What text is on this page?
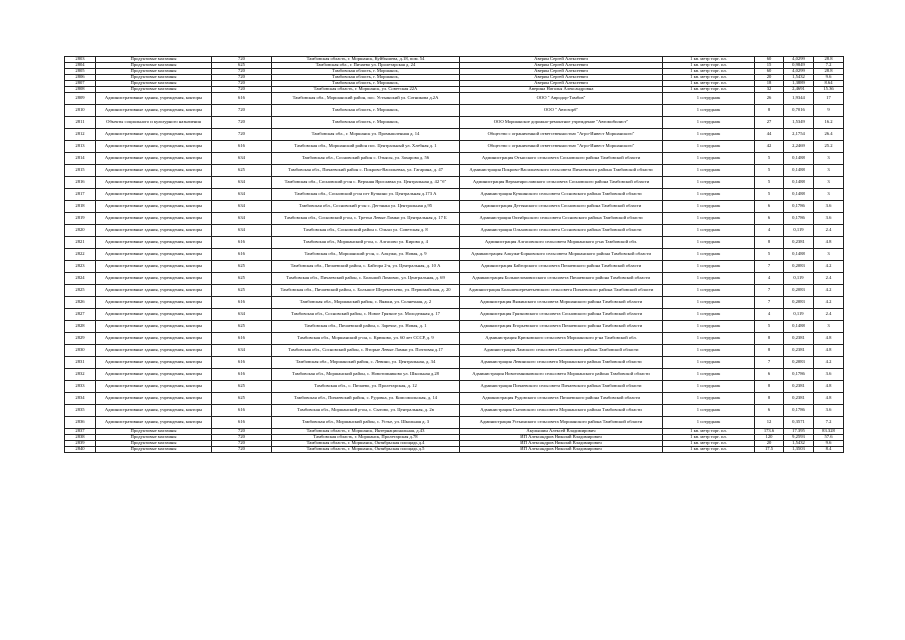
2803	Продуктовые магазины	720	Тамбовская область, г. Моршанск, Куйбышева, д.18, пом. 54	Аверин Сергей Алексеевич	1 кв. метр торг. пл.	60	4,0299	28.8
2804	Продуктовые магазины	625	Тамбовская обл., г. Пичаево ул. Пролетарская д. 24	Аверин Сергей Алексеевич	1 кв. метр торг. пл.	15	0,9849	7.2
2805	Продуктовые магазины	720	Тамбовская область, г. Моршанск,	Аверин Сергей Алексеевич	1 кв. метр торг. пл.	60	4,0299	28.8
2806	Продуктовые магазины	720	Тамбовская область, г. Моршанск,	Аверин Сергей Алексеевич	1 кв. метр торг. пл.	20	1,5432	9.6
2807	Продуктовые магазины	720	Тамбовская область, г. Моршанск,	Аверин Сергей Алексеевич	1 кв. метр торг. пл.	18	1,3889	8.64
2808	Продуктовые магазины	720	Тамбовская область, г. Моршанск, ул. Советская 22А	Аверина Наталья Александровна	1 кв. метр торг. пл.	32	2,4691	15.36
2809	Административные здания, учреждения, конторы	616	Тамбовская обл., Моршанский район, пос. Устьинский ул. Сотникова д.2А	ООО " Авродор-Тамбов"	1 сотрудник	26	1,9344	17
2810	Административные здания, учреждения, конторы	720	Тамбовская область, г. Моршанск,	ООО " Автозорб"	1 сотрудник	8	0,7016	9
2811	Объекты социального и культурного назначения	720	Тамбовская область, г. Моршанск,	ООО Моршанское дорожно-ремонтное учреждение "Автомобилист"	1 сотрудник	27	1,5349	16.2
2812	Административные здания, учреждения, конторы	720	Тамбовская обл., г. Моршанск ул. Промышленная д. 14	Общество с ограниченной ответственностью "Агро-Инвест Моршанского"	1 сотрудник	44	2,1754	26.4
2813	Административные здания, учреждения, конторы	616	Тамбовская обл., Моршанский район пос. Центральный ул. Хлебная д. 1	Общество с ограниченной ответственностью "Агро-Инвест Моршанского"	1 сотрудник	42	2,2469	25.2
2814	Административные здания, учреждения, конторы	634	Тамбовская обл., Сосновский район с. Отьясы, ул. Захарова д. 56	Администрация Отьясского сельсовета Сосновского района Тамбовской области	1 сотрудник	5	0,1488	3
2815	Административные здания, учреждения, конторы	625	Тамбовская обл., Пичаевский район с. Покрово-Васильевка, ул. Гагарина, д. 47	Администрация Покрово-Васильевского сельсовета Пичаевского района Тамбовской области	1 сотрудник	5	0,1488	3
2816	Административные здания, учреждения, конторы	634	Тамбовская обл., Сосновский р-он с. Верхняя Ярославка ул. Центральная д. 42 "б"	Администрация Верхнеярославского сельсовета Сосновского района Тамбовской области	1 сотрудник	5	0,1488	3
2817	Административные здания, учреждения, конторы	634	Тамбовская обл., Сосновский р-он пгт Кучкино ул. Центральная д.173 А	Администрация Кучкинского сельсовета Сосновского района Тамбовской области	1 сотрудник	5	0,1488	3
2818	Административные здания, учреждения, конторы	634	Тамбовская обл., Сосновский р-он с. Дегтянка ул. Центральная д.95	Администрация Дегтянского сельсовета Сосновского района Тамбовской области	1 сотрудник	6	0,1786	3.6
2819	Административные здания, учреждения, конторы	634	Тамбовская обл., Сосновский р-он, с. Третьи Левые Ламки ул. Центральная д. 17 Б	Администрация Октябрьского сельсовета Сосновского района Тамбовской области	1 сотрудник	6	0,1786	3.6
2820	Административные здания, учреждения, конторы	634	Тамбовская обл., Сосновский район с. Ольхи ул. Советская д. 8	Администрация Ольховского сельсовета Сосновского района Тамбовской области	1 сотрудник	4	0,119	2.4
2821	Административные здания, учреждения, конторы	616	Тамбовская обл., Моршанский р-он, с. Алгасово ул. Кирова д. 4	Администрация Алгасовского сельсовета Моршанского р-на Тамбовской обл.	1 сотрудник	8	0,2381	4.8
2822	Административные здания, учреждения, конторы	616	Тамбовская обл., Моршанский р-он, с. Алкужи, ул. Новая, д. 9	Администрация Алкужи-Борковского сельсовета Моршанского района Тамбовской области	1 сотрудник	5	0,1488	3
2823	Административные здания, учреждения, конторы	625	Тамбовская обл., Пичаевский район, с. Байгора 2-я, ул. Центральная, д. 10 А	Администрация Байгорского сельсовета Пичаевского района Тамбовской области	1 сотрудник	7	0,2083	4.2
2824	Административные здания, учреждения, конторы	625	Тамбовская обл., Пичаевский район, с. Большой Ломовис, ул. Центральная, д. 69	Администрация Большеломовисского сельсовета Пичаевского района Тамбовской области	1 сотрудник	4	0,119	2.4
2825	Административные здания, учреждения, конторы	625	Тамбовская обл., Пичаевский район, с. Большое Шереметьево, ул. Первомайская, д. 20	Администрация Большешереметьевского сельсовета Пичаевского района Тамбовской области	1 сотрудник	7	0,2083	4.2
2826	Административные здания, учреждения, конторы	616	Тамбовская обл., Моршанский район, с. Вяжки, ул. Солнечная, д. 2	Администрация Вяжинского сельсовета Моршанского района Тамбовской области	1 сотрудник	7	0,2083	4.2
2827	Административные здания, учреждения, конторы	634	Тамбовская обл., Сосновский район, с. Новое Грязное ул. Молодежная д. 17	Администрация Грязновского сельсовета Сосновского района Тамбовской области	1 сотрудник	4	0,119	2.4
2828	Административные здания, учреждения, конторы	625	Тамбовская обл., Пичаевский район, с. Заречье, ул. Новая, д. 1	Администрация Егорьевского сельсовета Пичаевского района Тамбовской области	1 сотрудник	5	0,1488	3
2829	Административные здания, учреждения, конторы	616	Тамбовская обл., Моршанский р-он, с. Крюково, ул. 60 лет СССР, д. 9	Администрация Крюковского сельсовета Моршанского р-на Тамбовской обл.	1 сотрудник	8	0,2381	4.8
2830	Административные здания, учреждения, конторы	634	Тамбовская обл., Сосновский район, с. Вторые Левые Ламки ул. Почтовая д.17	Администрация Ламского сельсовета Сосновского района Тамбовской области	1 сотрудник	8	0,2381	4.8
2831	Административные здания, учреждения, конторы	616	Тамбовская обл., Моршанский район, с. Левино, ул. Центральная, д. 34	Администрация Левинского сельсовета Моршанского района Тамбовской области	1 сотрудник	7	0,2083	4.2
2832	Административные здания, учреждения, конторы	616	Тамбовская обл., Моршанский район, с. Новотомниково ул. Школьная д.28	Администрация Новотомниковского сельсовета Моршанского района Тамбовской области	1 сотрудник	6	0,1786	3.6
2833	Административные здания, учреждения, конторы	625	Тамбовская обл., с. Пичаево, ул. Пролетарская, д. 12	Администрация Пичаевского сельсовета Пичаевского района Тамбовской области	1 сотрудник	8	0,2381	4.8
2834	Административные здания, учреждения, конторы	625	Тамбовская обл., Пичаевский район, с. Рудовка, ул. Комсомольская, д. 14	Администрация Рудовского сельсовета Пичаевского района Тамбовской области	1 сотрудник	8	0,2381	4.8
2835	Административные здания, учреждения, конторы	616	Тамбовская обл., Моршанский р-он, с. Сытово, ул. Центральная, д. 2в	Администрация Сытовского сельсовета Моршанского района Тамбовской области	1 сотрудник	6	0,1786	3.6
2836	Административные здания, учреждения, конторы	616	Тамбовская обл., Моршанский район, с. Устье, ул. Школьная д. 3	Администрация Устьинского сельсовета Моршанского района Тамбовской области	1 сотрудник	12	0,3571	7.2
2837	Продуктовые магазины	720	Тамбовская область, г. Моршанск, Интернациональная, д.43	Акулышин Алексей Владимирович	1 кв. метр торг. пл.	173.6	17.395	83.328
2838	Продуктовые магазины	720	Тамбовская область, г. Моршанск, Пролетарская д.78	ИП Александров Николай Владимирович	1 кв. метр торг. пл.	120	9,2593	57.6
2839	Продуктовые магазины	720	Тамбовская область, г. Моршанск, Октябрьская площадь д.4	ИП Александров Николай Владимирович	1 кв. метр торг. пл.	20	1,5432	9.6
2840	Продуктовые магазины	720	Тамбовская область, г. Моршанск, Октябрьская площадь д.5	ИП Александров Николай Владимирович	1 кв. метр торг. пл.	17.5	1,3503	8.4
